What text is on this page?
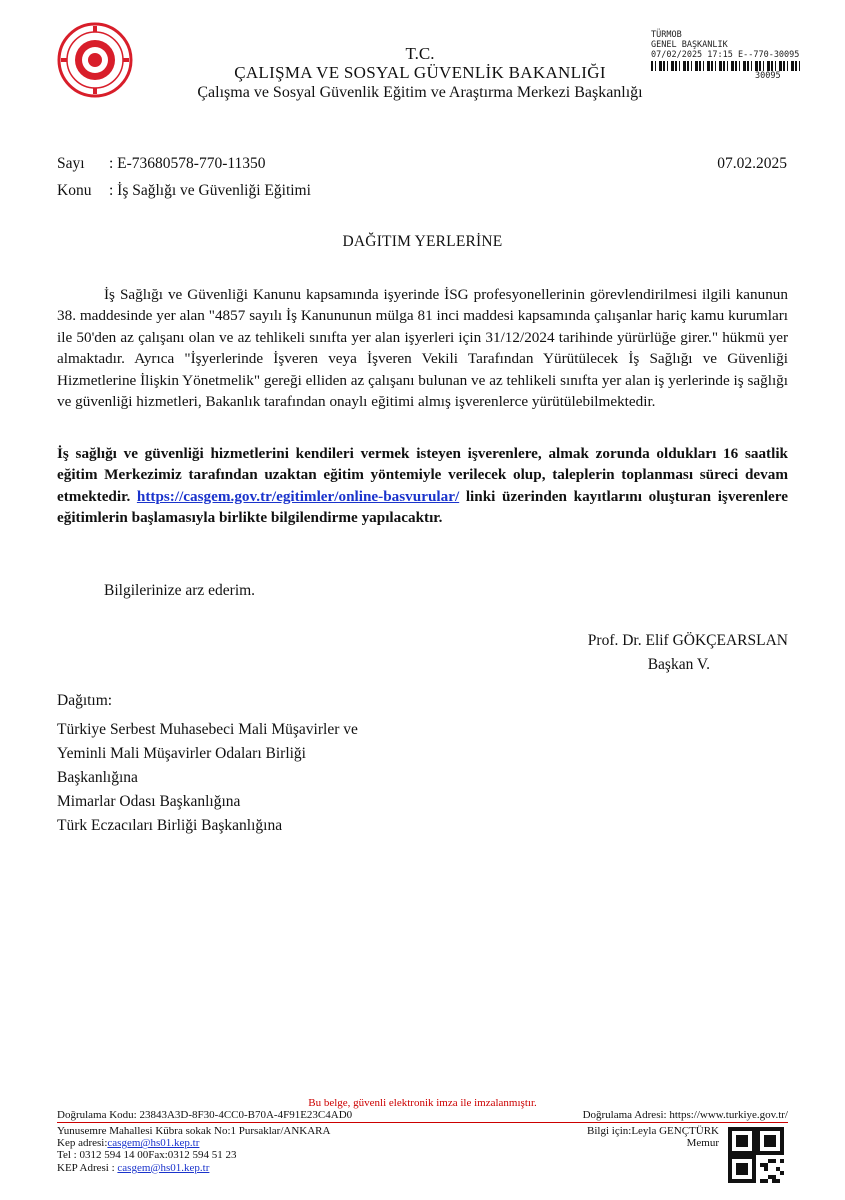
T.C.
ÇALIŞMA VE SOSYAL GÜVENLİK BAKANLIĞI
Çalışma ve Sosyal Güvenlik Eğitim ve Araştırma Merkezi Başkanlığı
TÜRMOB
GENEL BAŞKANLIK
07/02/2025 17:15 E--770-30095
30095
Sayı : E-73680578-770-11350	07.02.2025
Konu : İş Sağlığı ve Güvenliği Eğitimi
DAĞITIM YERLERİNE
İş Sağlığı ve Güvenliği Kanunu kapsamında işyerinde İSG profesyonellerinin görevlendirilmesi ilgili kanunun 38. maddesinde yer alan "4857 sayılı İş Kanununun mülga 81 inci maddesi kapsamında çalışanlar hariç kamu kurumları ile 50'den az çalışanı olan ve az tehlikeli sınıfta yer alan işyerleri için 31/12/2024 tarihinde yürürlüğe girer." hükmü yer almaktadır. Ayrıca "İşyerlerinde İşveren veya İşveren Vekili Tarafından Yürütülecek İş Sağlığı ve Güvenliği Hizmetlerine İlişkin Yönetmelik" gereği elliden az çalışanı bulunan ve az tehlikeli sınıfta yer alan iş yerlerinde iş sağlığı ve güvenliği hizmetleri, Bakanlık tarafından onaylı eğitimi almış işverenlerce yürütülebilmektedir.
İş sağlığı ve güvenliği hizmetlerini kendileri vermek isteyen işverenlere, almak zorunda oldukları 16 saatlik eğitim Merkezimiz tarafından uzaktan eğitim yöntemiyle verilecek olup, taleplerin toplanması süreci devam etmektedir. https://casgem.gov.tr/egitimler/online-basvurular/ linki üzerinden kayıtlarını oluşturan işverenlere eğitimlerin başlamasıyla birlikte bilgilendirme yapılacaktır.
Bilgilerinize arz ederim.
Prof. Dr. Elif GÖKÇEARSLAN
Başkan V.
Dağıtım:
Türkiye Serbest Muhasebeci Mali Müşavirler ve
Yeminli Mali Müşavirler Odaları Birliği
Başkanlığına
Mimarlar Odası Başkanlığına
Türk Eczacıları Birliği Başkanlığına
Bu belge, güvenli elektronik imza ile imzalanmıştır.
Doğrulama Kodu: 23843A3D-8F30-4CC0-B70A-4F91E23C4AD0	Doğrulama Adresi: https://www.turkiye.gov.tr/
Yunusemre Mahallesi Kübra sokak No:1 Pursaklar/ANKARA
Kep adresi:casgem@hs01.kep.tr
Tel : 0312 594 14 00Fax:0312 594 51 23
KEP Adresi : casgem@hs01.kep.tr
Bilgi için:Leyla GENÇTÜRK
Memur
